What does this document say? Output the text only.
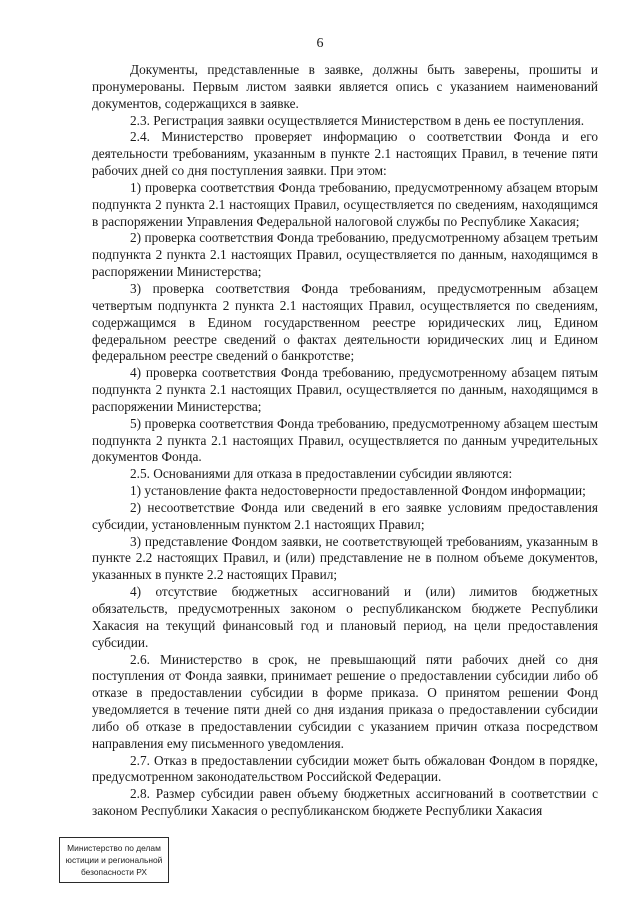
6

Документы, представленные в заявке, должны быть заверены, прошиты и пронумерованы. Первым листом заявки является опись с указанием наименований документов, содержащихся в заявке.

2.3. Регистрация заявки осуществляется Министерством в день ее поступления.

2.4. Министерство проверяет информацию о соответствии Фонда и его деятельности требованиям, указанным в пункте 2.1 настоящих Правил, в течение пяти рабочих дней со дня поступления заявки. При этом:

1) проверка соответствия Фонда требованию, предусмотренному абзацем вторым подпункта 2 пункта 2.1 настоящих Правил, осуществляется по сведениям, находящимся в распоряжении Управления Федеральной налоговой службы по Республике Хакасия;

2) проверка соответствия Фонда требованию, предусмотренному абзацем третьим подпункта 2 пункта 2.1 настоящих Правил, осуществляется по данным, находящимся в распоряжении Министерства;

3) проверка соответствия Фонда требованиям, предусмотренным абзацем четвертым подпункта 2 пункта 2.1 настоящих Правил, осуществляется по сведениям, содержащимся в Едином государственном реестре юридических лиц, Едином федеральном реестре сведений о фактах деятельности юридических лиц и Едином федеральном реестре сведений о банкротстве;

4) проверка соответствия Фонда требованию, предусмотренному абзацем пятым подпункта 2 пункта 2.1 настоящих Правил, осуществляется по данным, находящимся в распоряжении Министерства;

5) проверка соответствия Фонда требованию, предусмотренному абзацем шестым подпункта 2 пункта 2.1 настоящих Правил, осуществляется по данным учредительных документов Фонда.

2.5. Основаниями для отказа в предоставлении субсидии являются:

1) установление факта недостоверности предоставленной Фондом информации;

2) несоответствие Фонда или сведений в его заявке условиям предоставления субсидии, установленным пунктом 2.1 настоящих Правил;

3) представление Фондом заявки, не соответствующей требованиям, указанным в пункте 2.2 настоящих Правил, и (или) представление не в полном объеме документов, указанных в пункте 2.2 настоящих Правил;

4) отсутствие бюджетных ассигнований и (или) лимитов бюджетных обязательств, предусмотренных законом о республиканском бюджете Республики Хакасия на текущий финансовый год и плановый период, на цели предоставления субсидии.

2.6. Министерство в срок, не превышающий пяти рабочих дней со дня поступления от Фонда заявки, принимает решение о предоставлении субсидии либо об отказе в предоставлении субсидии в форме приказа. О принятом решении Фонд уведомляется в течение пяти дней со дня издания приказа о предоставлении субсидии либо об отказе в предоставлении субсидии с указанием причин отказа посредством направления ему письменного уведомления.

2.7. Отказ в предоставлении субсидии может быть обжалован Фондом в порядке, предусмотренном законодательством Российской Федерации.

2.8. Размер субсидии равен объему бюджетных ассигнований в соответствии с законом Республики Хакасия о республиканском бюджете Республики Хакасия

Министерство по делам
юстиции и региональной
безопасности РХ
